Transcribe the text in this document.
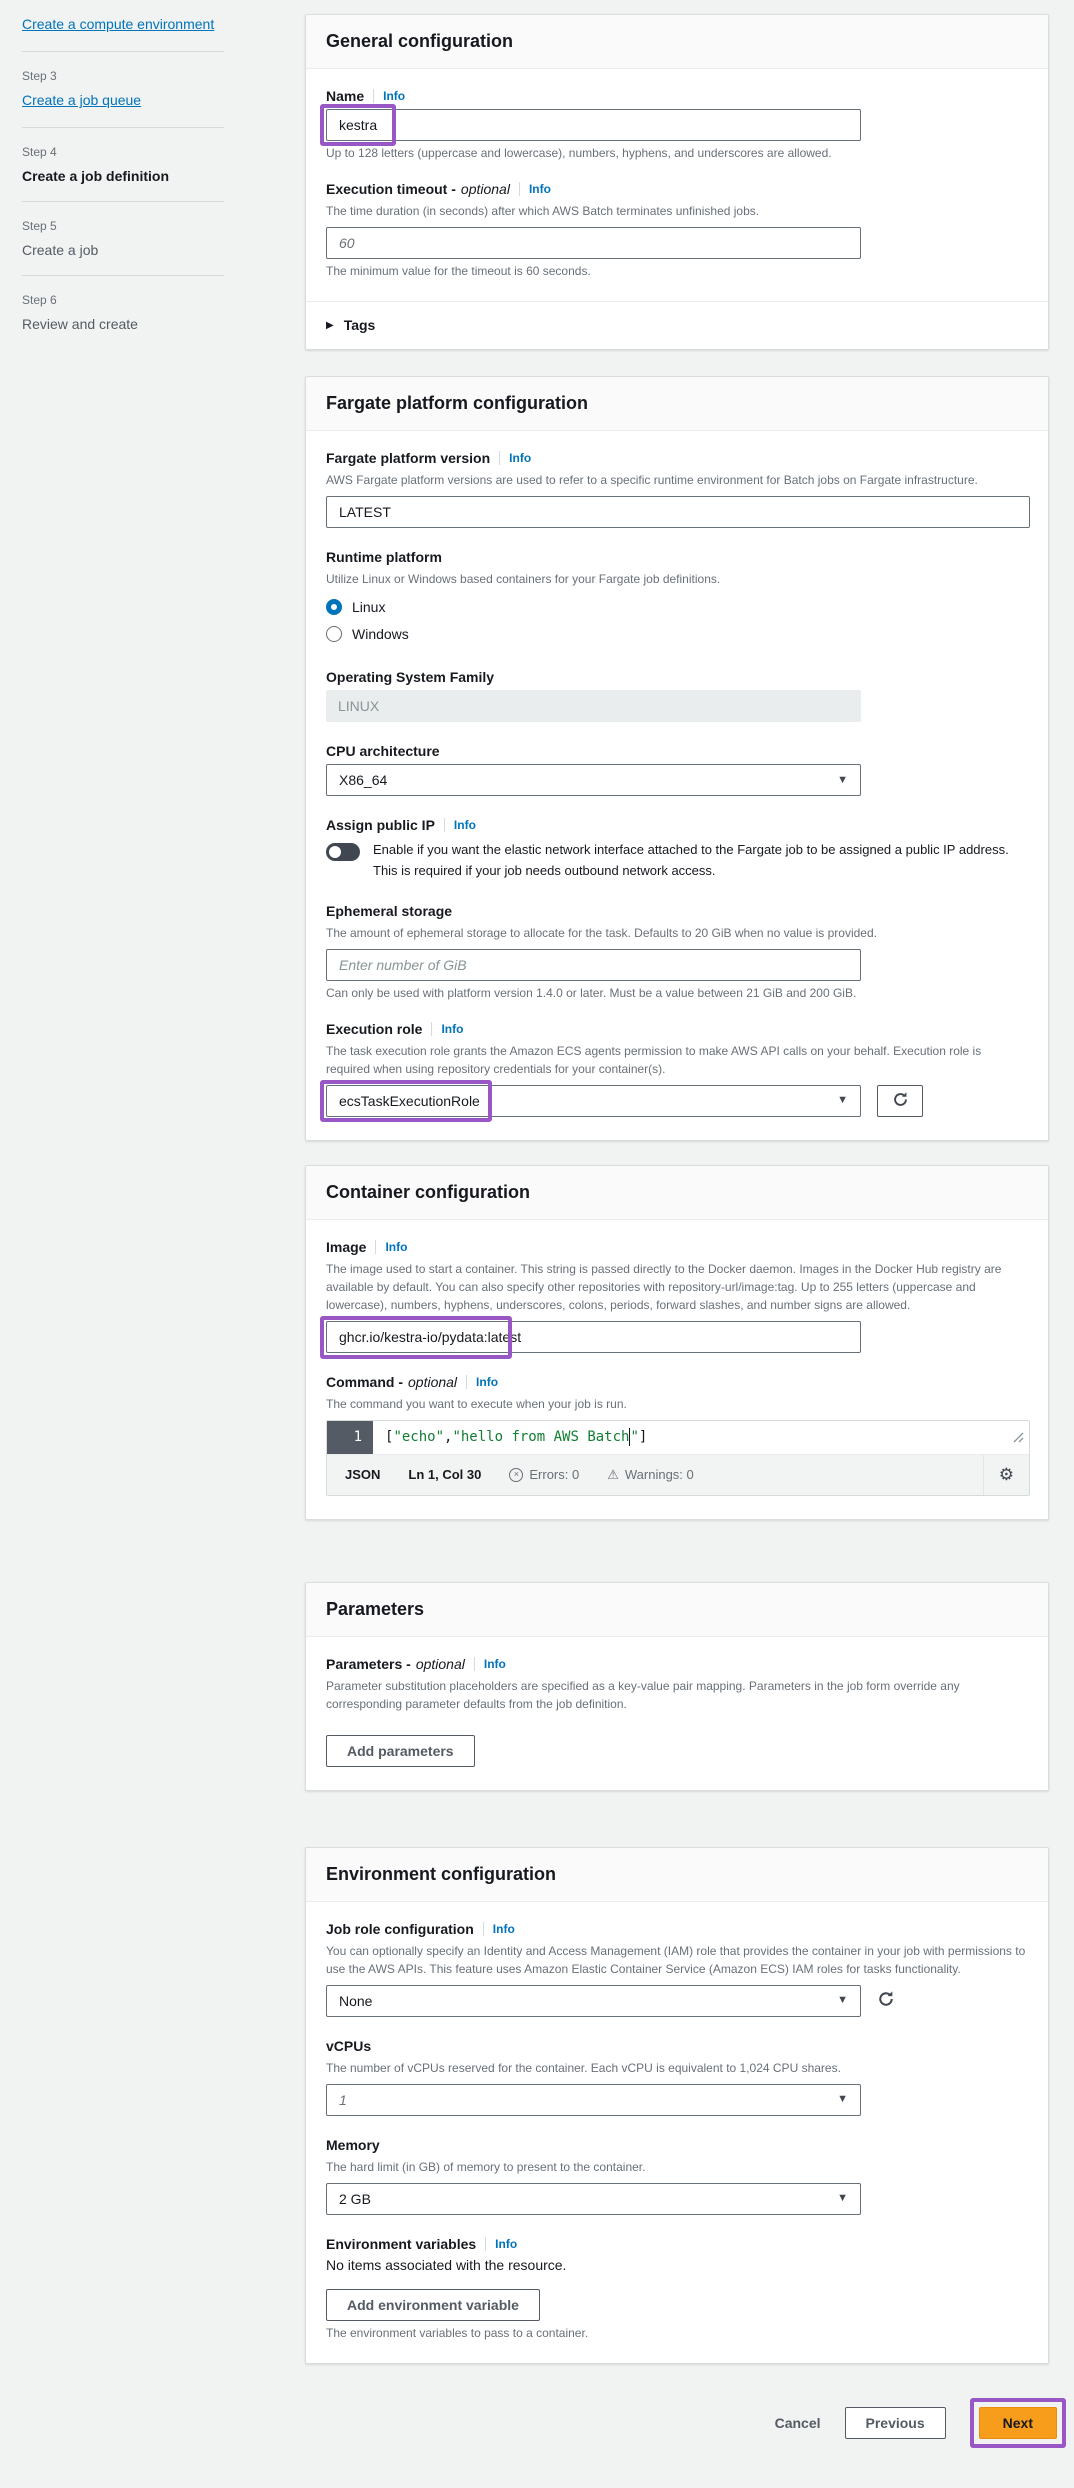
Create a compute environment
Step 3
Create a job queue
Step 4
Create a job definition
Step 5
Create a job
Step 6
Review and create
General configuration
Name Info
kestra
Up to 128 letters (uppercase and lowercase), numbers, hyphens, and underscores are allowed.
Execution timeout - optional Info
The time duration (in seconds) after which AWS Batch terminates unfinished jobs.
60
The minimum value for the timeout is 60 seconds.
▶ Tags
Fargate platform configuration
Fargate platform version Info
AWS Fargate platform versions are used to refer to a specific runtime environment for Batch jobs on Fargate infrastructure.
LATEST
Runtime platform
Utilize Linux or Windows based containers for your Fargate job definitions.
Linux
Windows
Operating System Family
LINUX
CPU architecture
X86_64	▼
Assign public IP Info
Enable if you want the elastic network interface attached to the Fargate job to be assigned a public IP address. This is required if your job needs outbound network access.
Ephemeral storage
The amount of ephemeral storage to allocate for the task. Defaults to 20 GiB when no value is provided.
Enter number of GiB
Can only be used with platform version 1.4.0 or later. Must be a value between 21 GiB and 200 GiB.
Execution role Info
The task execution role grants the Amazon ECS agents permission to make AWS API calls on your behalf. Execution role is required when using repository credentials for your container(s).
ecsTaskExecutionRole	▼
Container configuration
Image Info
The image used to start a container. This string is passed directly to the Docker daemon. Images in the Docker Hub registry are available by default. You can also specify other repositories with repository-url/image:tag. Up to 255 letters (uppercase and lowercase), numbers, hyphens, underscores, colons, periods, forward slashes, and number signs are allowed.
ghcr.io/kestra-io/pydata:latest
Command - optional Info
The command you want to execute when your job is run.
1	[ "echo" , "hello from AWS Batch " ]
JSON Ln 1, Col 30	× Errors: 0 ⚠ Warnings: 0	⚙
Parameters
Parameters - optional Info
Parameter substitution placeholders are specified as a key-value pair mapping. Parameters in the job form override any corresponding parameter defaults from the job definition.
Add parameters
Environment configuration
Job role configuration Info
You can optionally specify an Identity and Access Management (IAM) role that provides the container in your job with permissions to use the AWS APIs. This feature uses Amazon Elastic Container Service (Amazon ECS) IAM roles for tasks functionality.
None	▼
vCPUs
The number of vCPUs reserved for the container. Each vCPU is equivalent to 1,024 CPU shares.
1	▼
Memory
The hard limit (in GB) of memory to present to the container.
2 GB	▼
Environment variables Info
No items associated with the resource.
Add environment variable
The environment variables to pass to a container.
Cancel	Previous	Next
